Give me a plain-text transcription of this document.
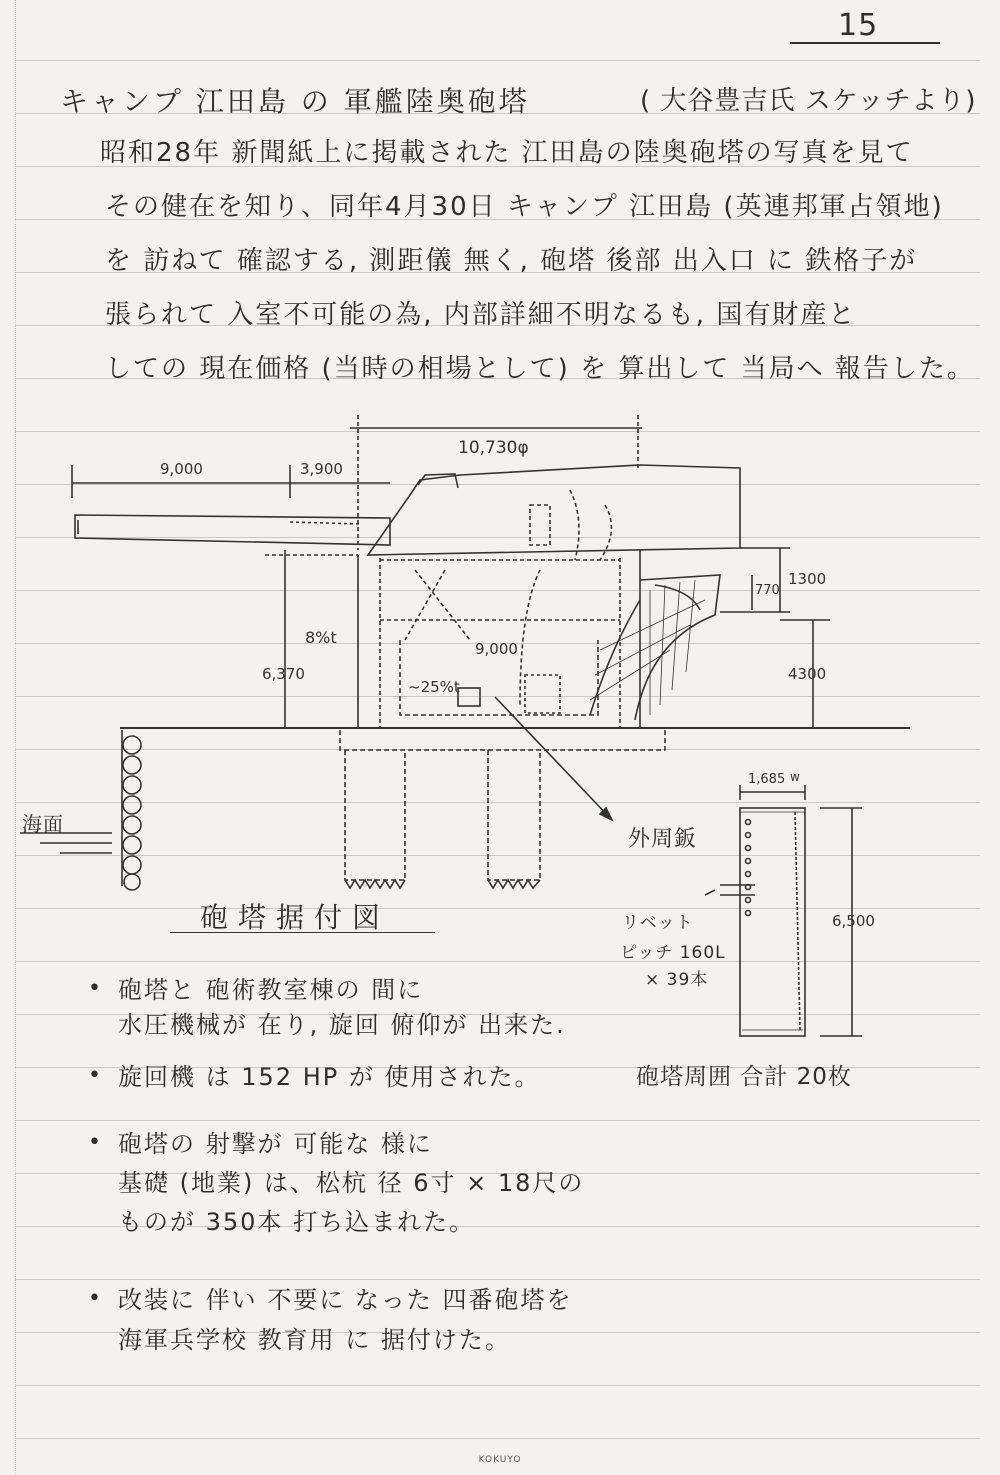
15
キャンプ 江田島 の 軍艦陸奥砲塔	( 大谷豊吉氏 スケッチより)
昭和28年 新聞紙上に掲載された 江田島の陸奥砲塔の写真を見て
その健在を知り、同年4月30日 キャンプ 江田島 (英連邦軍占領地)
を 訪ねて 確認する, 測距儀 無く, 砲塔 後部 出入口 に 鉄格子が
張られて 入室不可能の為, 内部詳細不明なるも, 国有財産と
しての 現在価格 (当時の相場として) を 算出して 当局へ 報告した。
10,730φ
9,000	3,900
770
1300
8%t
9,000
~25%t
6,370	4300
海面
外周鈑
w
1,685
6,500
リベット
ピッチ 160L
× 39本
砲塔周囲 合計 20枚
砲塔据付図
• 砲塔と 砲術教室棟の 間に
水圧機械が 在り, 旋回 俯仰が 出来た.
• 旋回機 は 152 HP が 使用された。
• 砲塔の 射撃が 可能な 様に
基礎 (地業) は、松杭 径 6寸 × 18尺の
ものが 350本 打ち込まれた。
• 改装に 伴い 不要に なった 四番砲塔を
海軍兵学校 教育用 に 据付けた。
KOKUYO
